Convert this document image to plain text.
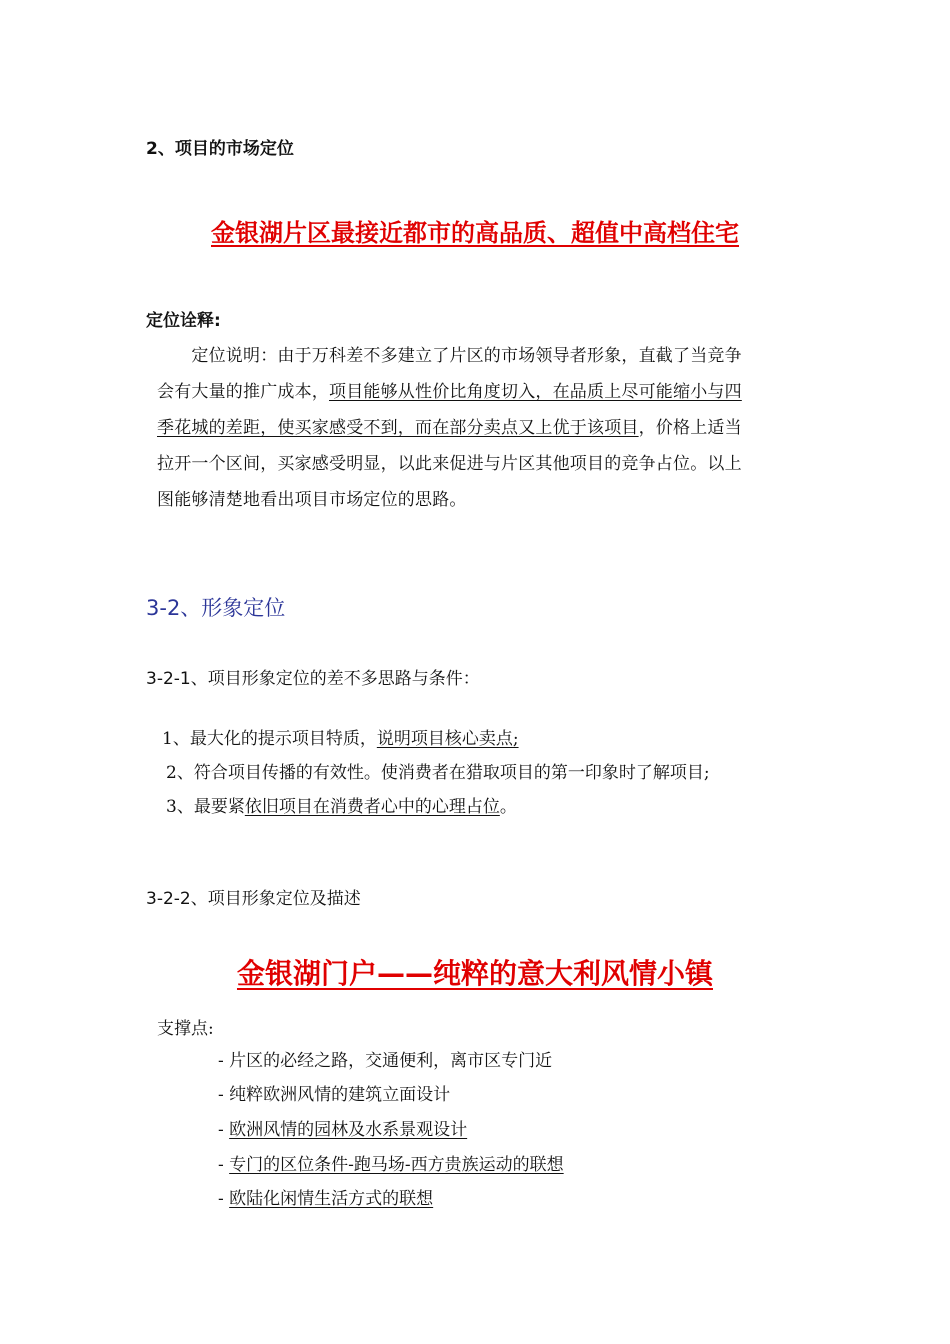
2、项目的市场定位
金银湖片区最接近都市的高品质、超值中高档住宅
定位诠释:
　　定位说明：由于万科差不多建立了片区的市场领导者形象，直截了当竞争
会有大量的推广成本，项目能够从性价比角度切入，在品质上尽可能缩小与四
季花城的差距，使买家感受不到，而在部分卖点又上优于该项目，价格上适当
拉开一个区间，买家感受明显，以此来促进与片区其他项目的竞争占位。以上
图能够清楚地看出项目市场定位的思路。
3-2、形象定位
3-2-1、项目形象定位的差不多思路与条件：
1、最大化的提示项目特质，说明项目核心卖点;
2、符合项目传播的有效性。使消费者在猎取项目的第一印象时了解项目;
3、最要紧依旧项目在消费者心中的心理占位。
3-2-2、项目形象定位及描述
金银湖门户——纯粹的意大利风情小镇
支撑点:
- 片区的必经之路，交通便利，离市区专门近
- 纯粹欧洲风情的建筑立面设计
- 欧洲风情的园林及水系景观设计
- 专门的区位条件-跑马场-西方贵族运动的联想
- 欧陆化闲情生活方式的联想
